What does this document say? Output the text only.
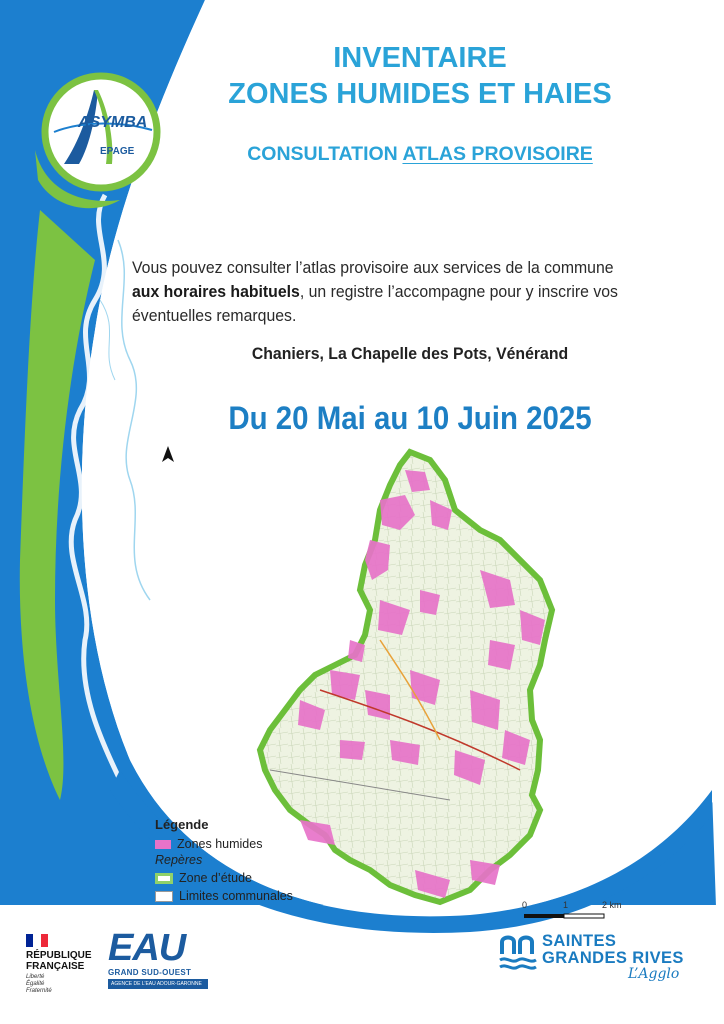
ASYMBA
EPAGE
INVENTAIRE
ZONES HUMIDES ET HAIES
CONSULTATION ATLAS PROVISOIRE
Vous pouvez consulter l’atlas provisoire aux services de la commune aux horaires habituels, un registre l’accompagne pour y inscrire vos éventuelles remarques.
Chaniers, La Chapelle des Pots, Vénérand
Du 20 Mai au 10 Juin 2025
Légende
Zones humides
Repères
Zone d’étude
Limites communales
0	1	2 km
RÉPUBLIQUE
FRANÇAISE
Liberté
Égalité
Fraternité
EAU
GRAND SUD-OUEST
AGENCE DE L’EAU ADOUR-GARONNE
SAINTES
GRANDES RIVES
L’Agglo
